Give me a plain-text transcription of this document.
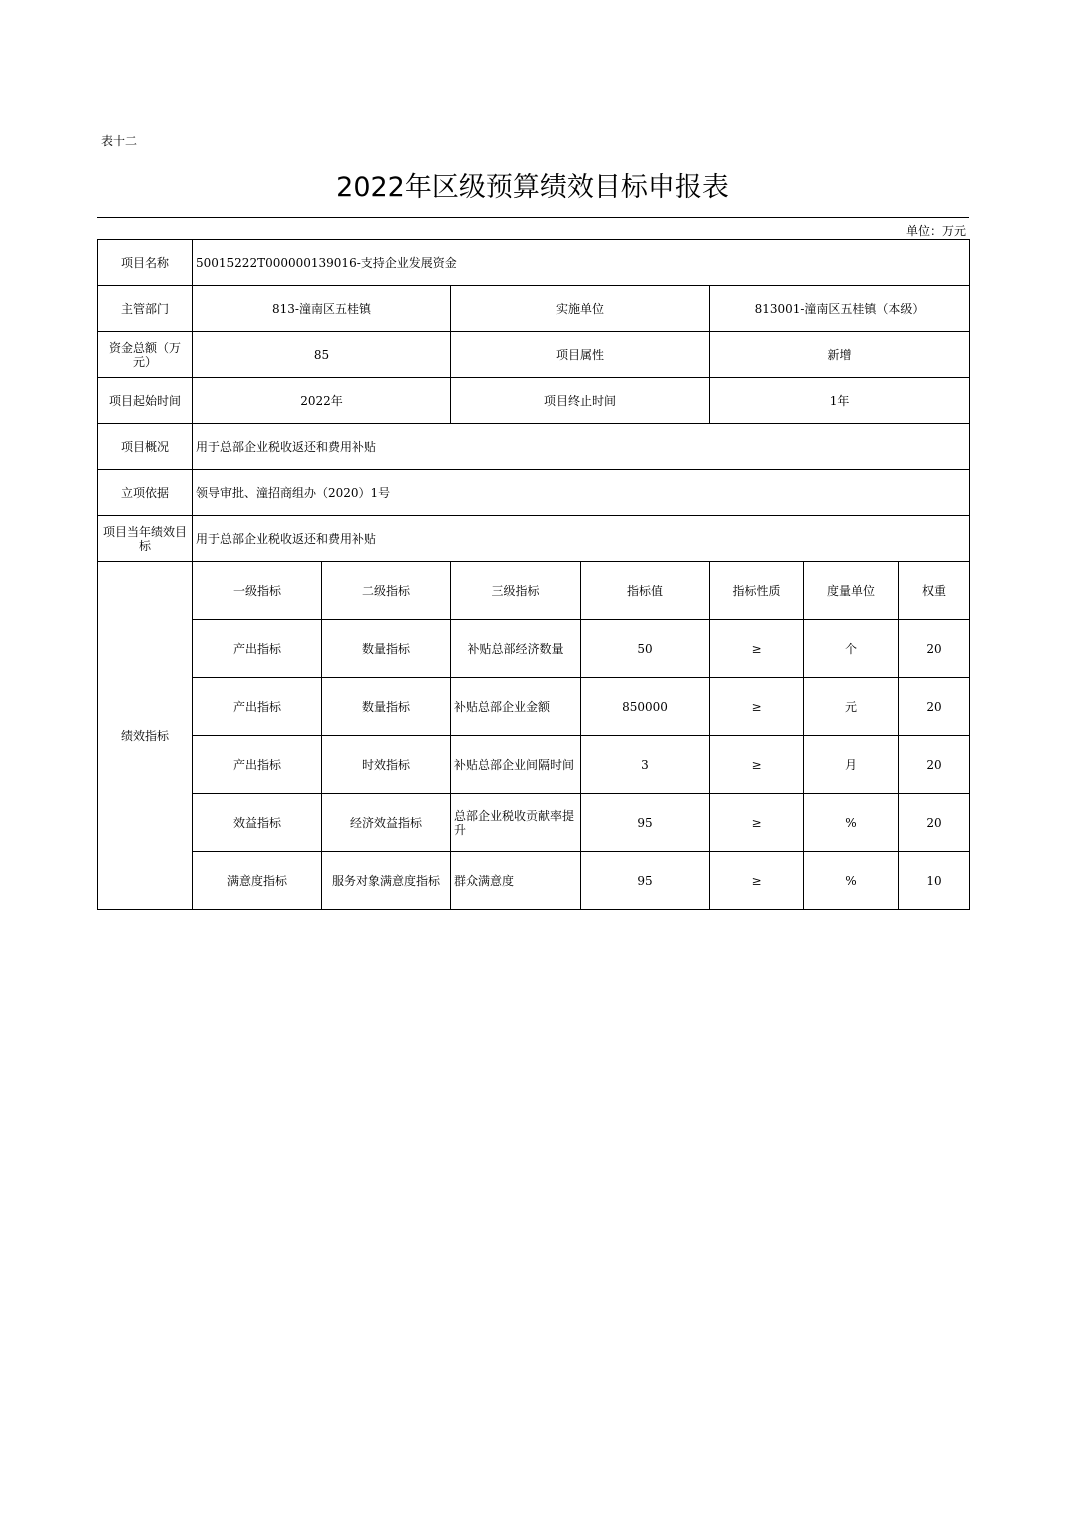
表十二
2022年区级预算绩效目标申报表
单位：万元
项目名称	50015222T000000139016-支持企业发展资金						
主管部门	813-潼南区五桂镇		实施单位		813001-潼南区五桂镇（本级）		
资金总额（万元）	85		项目属性		新增		
项目起始时间	2022年		项目终止时间		1年		
项目概况	用于总部企业税收返还和费用补贴						
立项依据	领导审批、潼招商组办（2020）1号						
项目当年绩效目标	用于总部企业税收返还和费用补贴						
绩效指标	一级指标	二级指标	三级指标	指标值	指标性质	度量单位	权重
	产出指标	数量指标	补贴总部经济数量	50	≥	个	20
	产出指标	数量指标	补贴总部企业金额	850000	≥	元	20
	产出指标	时效指标	补贴总部企业间隔时间	3	≥	月	20
	效益指标	经济效益指标	总部企业税收贡献率提升	95	≥	%	20
	满意度指标	服务对象满意度指标	群众满意度	95	≥	%	10
